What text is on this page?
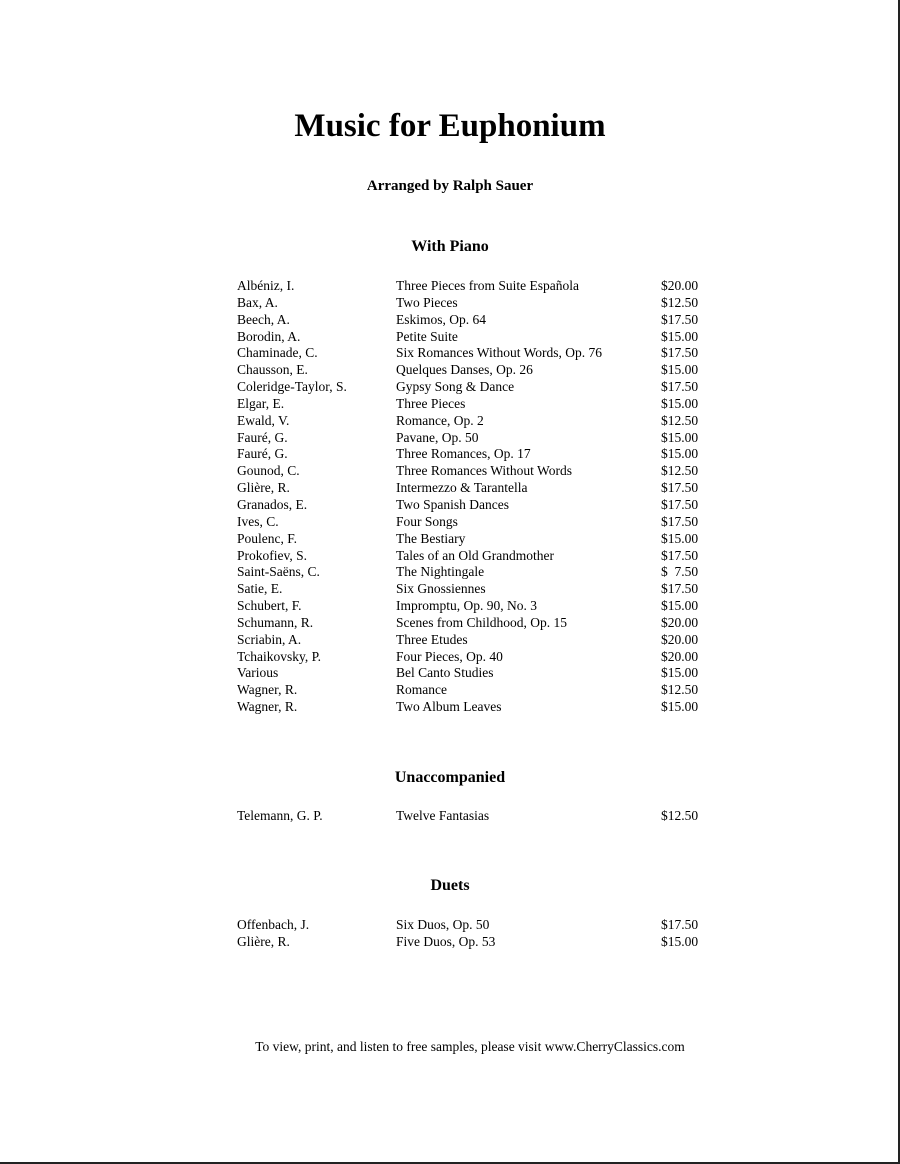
Music for Euphonium
Arranged by Ralph Sauer
With Piano
Albéniz, I.	Three Pieces from Suite Española	$20.00
Bax, A.	Two Pieces	$12.50
Beech, A.	Eskimos, Op. 64	$17.50
Borodin, A.	Petite Suite	$15.00
Chaminade, C.	Six Romances Without Words, Op. 76	$17.50
Chausson, E.	Quelques Danses, Op. 26	$15.00
Coleridge-Taylor, S.	Gypsy Song & Dance	$17.50
Elgar, E.	Three Pieces	$15.00
Ewald, V.	Romance, Op. 2	$12.50
Fauré, G.	Pavane, Op. 50	$15.00
Fauré, G.	Three Romances, Op. 17	$15.00
Gounod, C.	Three Romances Without Words	$12.50
Glière, R.	Intermezzo & Tarantella	$17.50
Granados, E.	Two Spanish Dances	$17.50
Ives, C.	Four Songs	$17.50
Poulenc, F.	The Bestiary	$15.00
Prokofiev, S.	Tales of an Old Grandmother	$17.50
Saint-Saëns, C.	The Nightingale	$  7.50
Satie, E.	Six Gnossiennes	$17.50
Schubert, F.	Impromptu, Op. 90, No. 3	$15.00
Schumann, R.	Scenes from Childhood, Op. 15	$20.00
Scriabin, A.	Three Etudes	$20.00
Tchaikovsky, P.	Four Pieces, Op. 40	$20.00
Various	Bel Canto Studies	$15.00
Wagner, R.	Romance	$12.50
Wagner, R.	Two Album Leaves	$15.00
Unaccompanied
Telemann, G. P.	Twelve Fantasias	$12.50
Duets
Offenbach, J.	Six Duos, Op. 50	$17.50
Glière, R.	Five Duos, Op. 53	$15.00
To view, print, and listen to free samples, please visit www.CherryClassics.com
